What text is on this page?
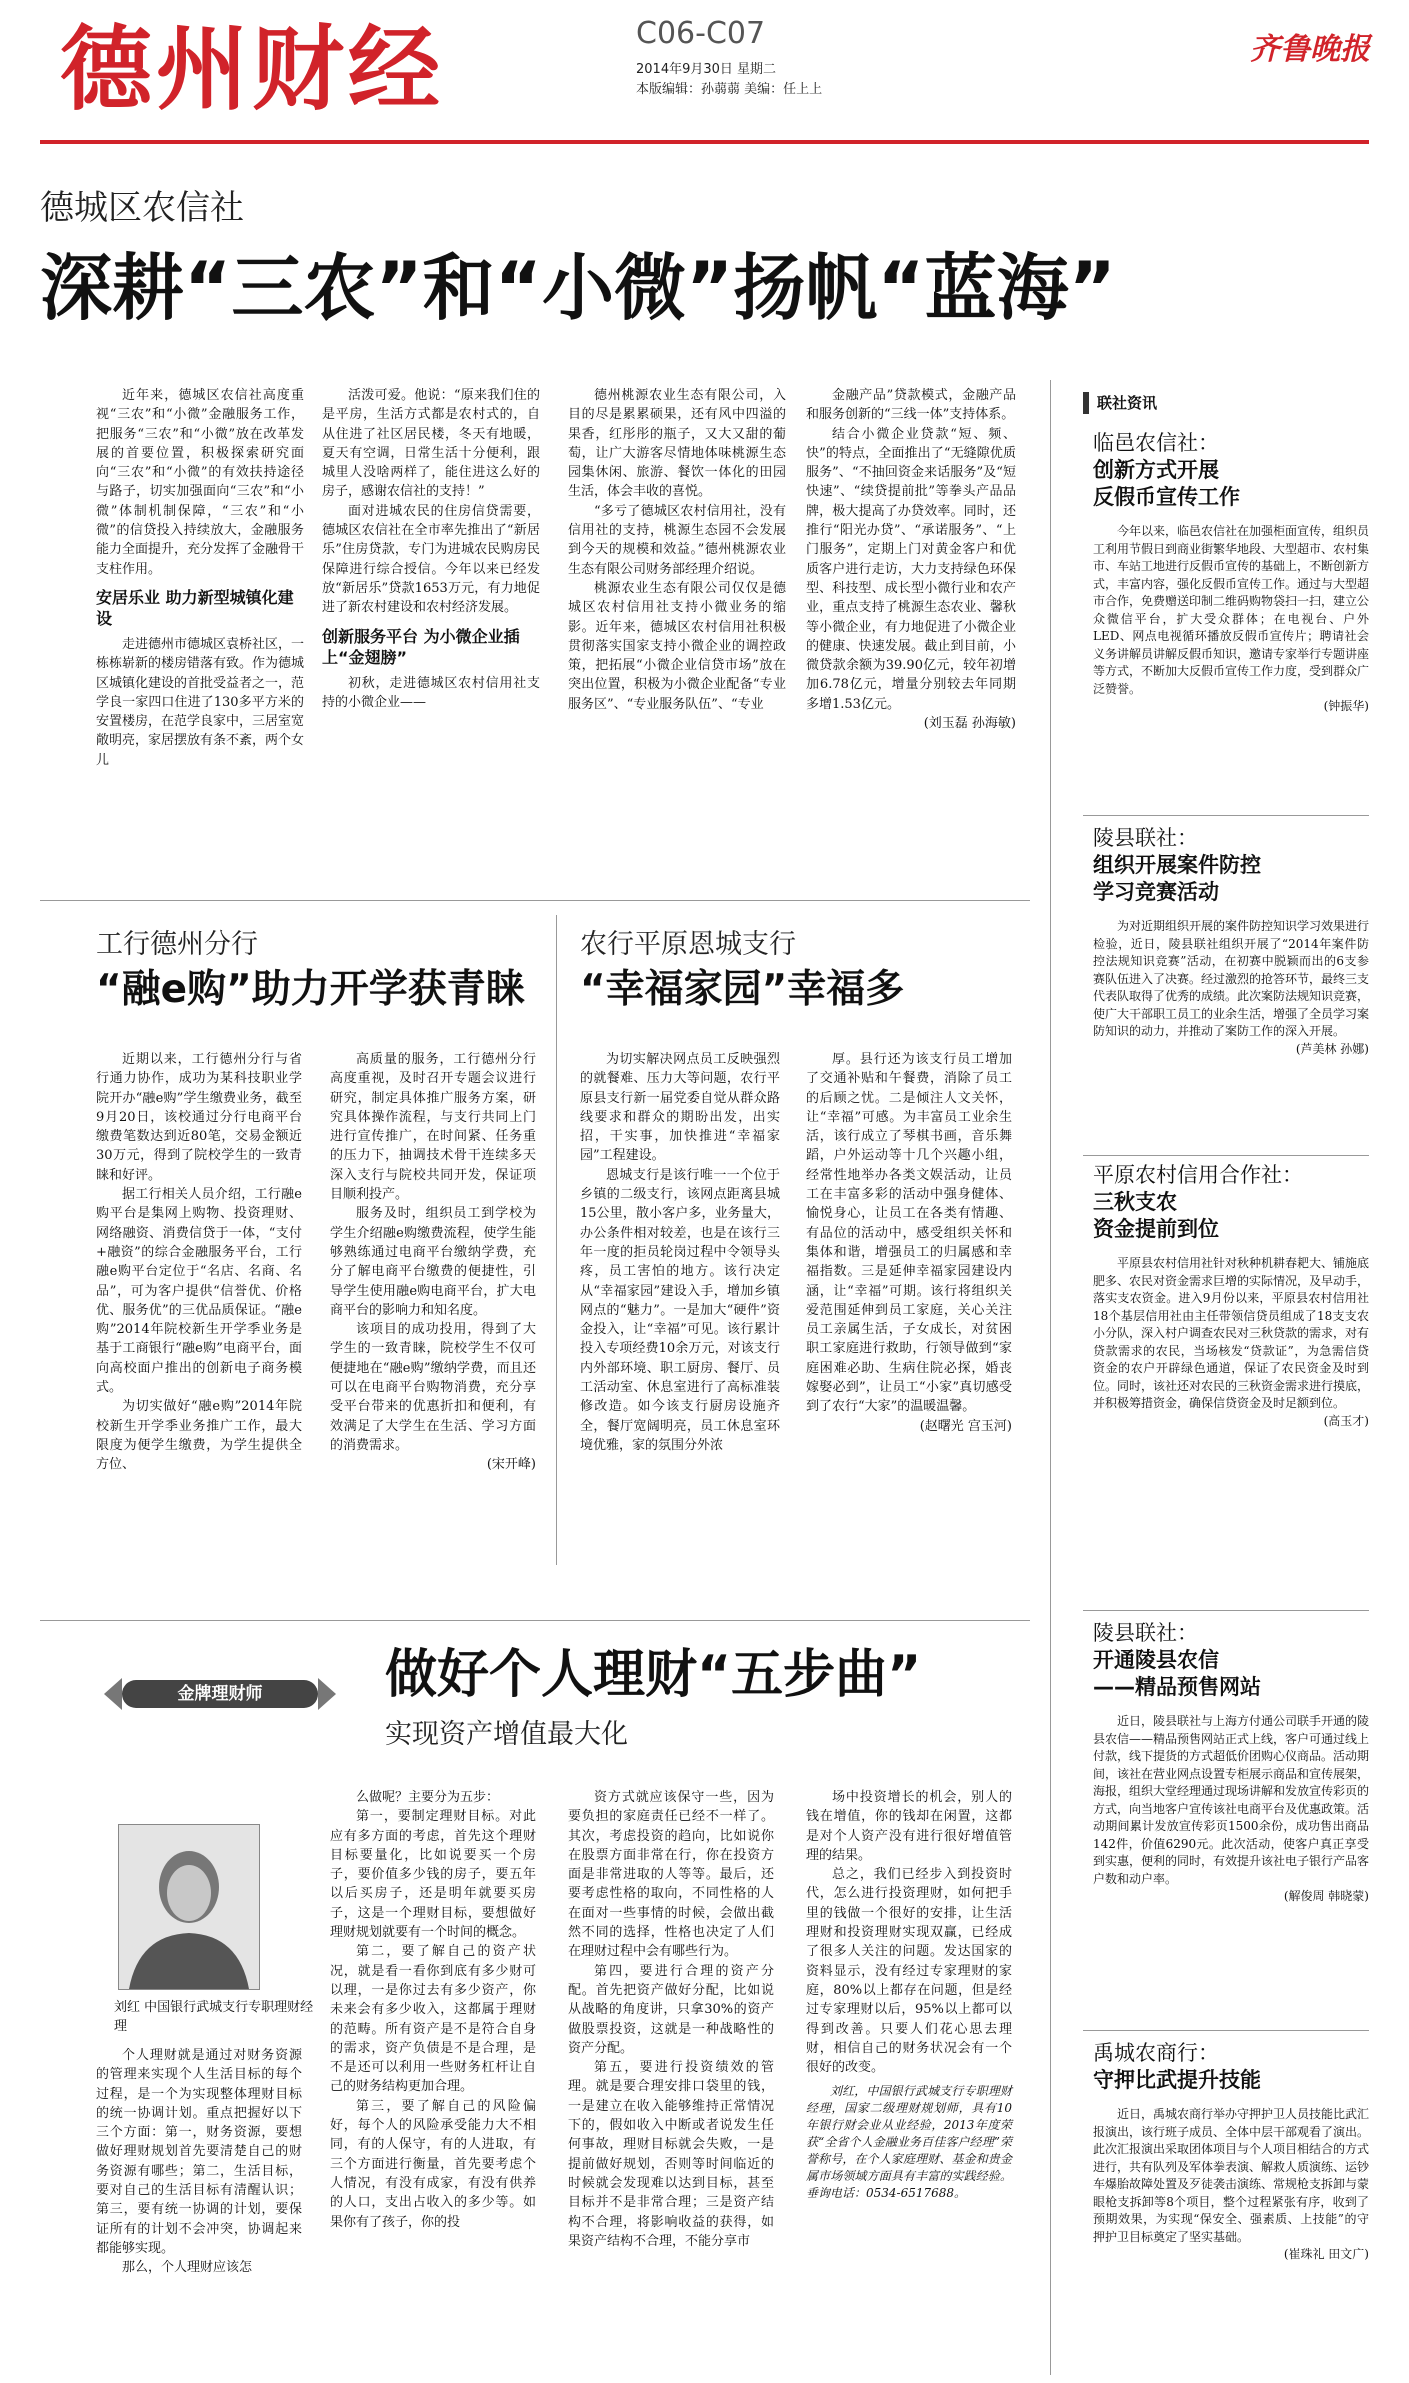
德州财经	C06-C07
2014年9月30日 星期二
本版编辑：孙蒻蒻 美编：任上上
齐鲁晚报
德城区农信社
深耕“三农”和“小微”扬帆“蓝海”

近年来，德城区农信社高度重视“三农”和“小微”金融服务工作，把服务“三农”和“小微”放在改革发展的首要位置，积极探索研究面向“三农”和“小微”的有效扶持途径与路子，切实加强面向“三农”和“小微”体制机制保障，“三农”和“小微”的信贷投入持续放大，金融服务能力全面提升，充分发挥了金融骨干支柱作用。

安居乐业 助力新型城镇化建设

走进德州市德城区袁桥社区，一栋栋崭新的楼房错落有致。作为德城区城镇化建设的首批受益者之一，范学良一家四口住进了130多平方米的安置楼房，在范学良家中，三居室宽敞明亮，家居摆放有条不紊，两个女儿

活泼可爱。他说：“原来我们住的是平房，生活方式都是农村式的，自从住进了社区居民楼，冬天有地暖，夏天有空调，日常生活十分便利，跟城里人没啥两样了，能住进这么好的房子，感谢农信社的支持！”

面对进城农民的住房信贷需要，德城区农信社在全市率先推出了“新居乐”住房贷款，专门为进城农民购房民保障进行综合授信。今年以来已经发放“新居乐”贷款1653万元，有力地促进了新农村建设和农村经济发展。

创新服务平台 为小微企业插上“金翅膀”

初秋，走进德城区农村信用社支持的小微企业——

德州桃源农业生态有限公司，入目的尽是累累硕果，还有风中四溢的果香，红彤彤的瓶子，又大又甜的葡萄，让广大游客尽情地体味桃源生态园集休闲、旅游、餐饮一体化的田园生活，体会丰收的喜悦。

“多亏了德城区农村信用社，没有信用社的支持，桃源生态园不会发展到今天的规模和效益。”德州桃源农业生态有限公司财务部经理介绍说。

桃源农业生态有限公司仅仅是德城区农村信用社支持小微业务的缩影。近年来，德城区农村信用社积极贯彻落实国家支持小微企业的调控政策，把拓展“小微企业信贷市场”放在突出位置，积极为小微企业配备“专业服务区”、“专业服务队伍”、“专业

金融产品”贷款模式，金融产品和服务创新的“三线一体”支持体系。

结合小微企业贷款“短、频、快”的特点，全面推出了“无缝隙优质服务”、“不抽回资金来话服务”及“短快速”、“续贷提前批”等拳头产品品牌，极大提高了办贷效率。同时，还推行“阳光办贷”、“承诺服务”、“上门服务”，定期上门对黄金客户和优质客户进行走访，大力支持绿色环保型、科技型、成长型小微行业和农产业，重点支持了桃源生态农业、馨秋等小微企业，有力地促进了小微企业的健康、快速发展。截止到目前，小微贷款余额为39.90亿元，较年初增加6.78亿元，增量分别较去年同期多增1.53亿元。

(刘玉磊 孙海敏)

工行德州分行
“融e购”助力开学获青睐

近期以来，工行德州分行与省行通力协作，成功为某科技职业学院开办“融e购”学生缴费业务，截至9月20日，该校通过分行电商平台缴费笔数达到近80笔，交易金额近30万元，得到了院校学生的一致青睐和好评。

据工行相关人员介绍，工行融e购平台是集网上购物、投资理财、网络融资、消费信贷于一体，“支付+融资”的综合金融服务平台，工行融e购平台定位于“名店、名商、名品”，可为客户提供“信誉优、价格优、服务优”的三优品质保证。“融e购”2014年院校新生开学季业务是基于工商银行“融e购”电商平台，面向高校面户推出的创新电子商务模式。

为切实做好“融e购”2014年院校新生开学季业务推广工作，最大限度为便学生缴费，为学生提供全方位、

高质量的服务，工行德州分行高度重视，及时召开专题会议进行研究，制定具体推广服务方案，研究具体操作流程，与支行共同上门进行宣传推广，在时间紧、任务重的压力下，抽调技术骨干连续多天深入支行与院校共同开发，保证项目顺利投产。

服务及时，组织员工到学校为学生介绍融e购缴费流程，使学生能够熟练通过电商平台缴纳学费，充分了解电商平台缴费的便捷性，引导学生使用融e购电商平台，扩大电商平台的影响力和知名度。

该项目的成功投用，得到了大学生的一致青睐，院校学生不仅可便捷地在“融e购”缴纳学费，而且还可以在电商平台购物消费，充分享受平台带来的优惠折扣和便利，有效满足了大学生在生活、学习方面的消费需求。

(宋开峰)

农行平原恩城支行
“幸福家园”幸福多

为切实解决网点员工反映强烈的就餐难、压力大等问题，农行平原县支行新一届党委自觉从群众路线要求和群众的期盼出发，出实招，干实事，加快推进“幸福家园”工程建设。

恩城支行是该行唯一一个位于乡镇的二级支行，该网点距离县城15公里，散小客户多，业务量大，办公条件相对较差，也是在该行三年一度的拒员轮岗过程中令领导头疼，员工害怕的地方。该行决定从“幸福家园”建设入手，增加乡镇网点的“魅力”。一是加大“硬件”资金投入，让“幸福”可见。该行累计投入专项经费10余万元，对该支行内外部环境、职工厨房、餐厅、员工活动室、休息室进行了高标准装修改造。如今该支行厨房设施齐全，餐厅宽阔明亮，员工休息室环境优雅，家的氛围分外浓

厚。县行还为该支行员工增加了交通补贴和午餐费，消除了员工的后顾之忧。二是倾注人文关怀，让“幸福”可感。为丰富员工业余生活，该行成立了琴棋书画，音乐舞蹈，户外运动等十几个兴趣小组，经常性地举办各类文娱活动，让员工在丰富多彩的活动中强身健体、愉悦身心，让员工在各类有情趣、有品位的活动中，感受组织关怀和集体和谐，增强员工的归属感和幸福指数。三是延伸幸福家园建设内涵，让“幸福”可期。该行将组织关爱范围延伸到员工家庭，关心关注员工亲属生活，子女成长，对贫困职工家庭进行救助，行领导做到“家庭困难必助、生病住院必探，婚丧嫁娶必到”，让员工“小家”真切感受到了农行“大家”的温暖温馨。

(赵曙光 宫玉河)

金牌理财师	做好个人理财“五步曲”
实现资产增值最大化
刘红 中国银行武城支行专职理财经理

个人理财就是通过对财务资源的管理来实现个人生活目标的每个过程，是一个为实现整体理财目标的统一协调计划。重点把握好以下三个方面：第一，财务资源，要想做好理财规划首先要清楚自己的财务资源有哪些；第二，生活目标，要对自己的生活目标有清醒认识；第三，要有统一协调的计划，要保证所有的计划不会冲突，协调起来都能够实现。

那么，个人理财应该怎

么做呢？主要分为五步：

第一，要制定理财目标。对此应有多方面的考虑，首先这个理财目标要量化，比如说要买一个房子，要价值多少钱的房子，要五年以后买房子，还是明年就要买房子，这是一个理财目标，要想做好理财规划就要有一个时间的概念。

第二，要了解自己的资产状况，就是看一看你到底有多少财可以理，一是你过去有多少资产，你未来会有多少收入，这都属于理财的范畴。所有资产是不是符合自身的需求，资产负债是不是合理，是不是还可以利用一些财务杠杆让自己的财务结构更加合理。

第三，要了解自己的风险偏好，每个人的风险承受能力大不相同，有的人保守，有的人进取，有三个方面进行衡量，首先要考虑个人情况，有没有成家，有没有供养的人口，支出占收入的多少等。如果你有了孩子，你的投

资方式就应该保守一些，因为要负担的家庭责任已经不一样了。其次，考虑投资的趋向，比如说你在股票方面非常在行，你在投资方面是非常进取的人等等。最后，还要考虑性格的取向，不同性格的人在面对一些事情的时候，会做出截然不同的选择，性格也决定了人们在理财过程中会有哪些行为。

第四，要进行合理的资产分配。首先把资产做好分配，比如说从战略的角度讲，只拿30%的资产做股票投资，这就是一种战略性的资产分配。

第五，要进行投资绩效的管理。就是要合理安排口袋里的钱，一是建立在收入能够维持正常情况下的，假如收入中断或者说发生任何事故，理财目标就会失败，一是提前做好规划，否则等时间临近的时候就会发现难以达到目标，甚至目标并不是非常合理；三是资产结构不合理，将影响收益的获得，如果资产结构不合理，不能分享市

场中投资增长的机会，别人的钱在增值，你的钱却在闲置，这都是对个人资产没有进行很好增值管理的结果。

总之，我们已经步入到投资时代，怎么进行投资理财，如何把手里的钱做一个很好的安排，让生活理财和投资理财实现双赢，已经成了很多人关注的问题。发达国家的资料显示，没有经过专家理财的家庭，80%以上都存在问题，但是经过专家理财以后，95%以上都可以得到改善。只要人们花心思去理财，相信自己的财务状况会有一个很好的改变。

刘红，中国银行武城支行专职理财经理，国家二级理财规划师，具有10年银行财会业从业经验，2013年度荣获“全省个人金融业务百佳客户经理”荣誉称号，在个人家庭理财、基金和贵金属市场领域方面具有丰富的实践经验。垂询电话：0534-6517688。

联社资讯
临邑农信社：
创新方式开展
反假币宣传工作

今年以来，临邑农信社在加强柜面宣传，组织员工利用节假日到商业街繁华地段、大型超市、农村集市、车站工地进行反假币宣传的基础上，不断创新方式，丰富内容，强化反假币宣传工作。通过与大型超市合作，免费赠送印制二维码购物袋扫一扫，建立公众微信平台，扩大受众群体；在电视台、户外LED、网点电视循环播放反假币宣传片；聘请社会义务讲解员讲解反假币知识，邀请专家举行专题讲座等方式，不断加大反假币宣传工作力度，受到群众广泛赞誉。

(钟振华)

陵县联社：
组织开展案件防控
学习竞赛活动

为对近期组织开展的案件防控知识学习效果进行检验，近日，陵县联社组织开展了“2014年案件防控法规知识竞赛”活动，在初赛中脱颖而出的6支参赛队伍进入了决赛。经过激烈的抢答环节，最终三支代表队取得了优秀的成绩。此次案防法规知识竞赛，使广大干部职工员工的业余生活，增强了全员学习案防知识的动力，并推动了案防工作的深入开展。

(芦美林 孙娜)

平原农村信用合作社：
三秋支农
资金提前到位

平原县农村信用社针对秋种机耕春耙大、铺施底肥多、农民对资金需求巨增的实际情况，及早动手，落实支农资金。进入9月份以来，平原县农村信用社18个基层信用社由主任带领信贷员组成了18支支农小分队，深入村户调查农民对三秋贷款的需求，对有贷款需求的农民，当场核发“贷款证”，为急需信贷资金的农户开辟绿色通道，保证了农民资金及时到位。同时，该社还对农民的三秋资金需求进行摸底，并积极筹措资金，确保信贷资金及时足额到位。

(高玉才)

陵县联社：
开通陵县农信
——精品预售网站

近日，陵县联社与上海方付通公司联手开通的陵县农信——精品预售网站正式上线，客户可通过线上付款，线下提货的方式超低价团购心仪商品。活动期间，该社在营业网点设置专柜展示商品和宣传展架，海报，组织大堂经理通过现场讲解和发放宣传彩页的方式，向当地客户宣传该社电商平台及优惠政策。活动期间累计发放宣传彩页1500余份，成功售出商品142件，价值6290元。此次活动，使客户真正享受到实惠，便利的同时，有效提升该社电子银行产品客户数和动户率。

(解俊周 韩晓蒙)

禹城农商行：
守押比武提升技能

近日，禹城农商行举办守押护卫人员技能比武汇报演出，该行班子成员、全体中层干部观看了演出。此次汇报演出采取团体项目与个人项目相结合的方式进行，共有队列及军体拳表演、解救人质演练、运钞车爆胎故障处置及歹徒袭击演练、常规枪支拆卸与蒙眼枪支拆卸等8个项目，整个过程紧张有序，收到了预期效果，为实现“保安全、强素质、上技能”的守押护卫目标奠定了坚实基础。

(崔珠礼 田文广)
